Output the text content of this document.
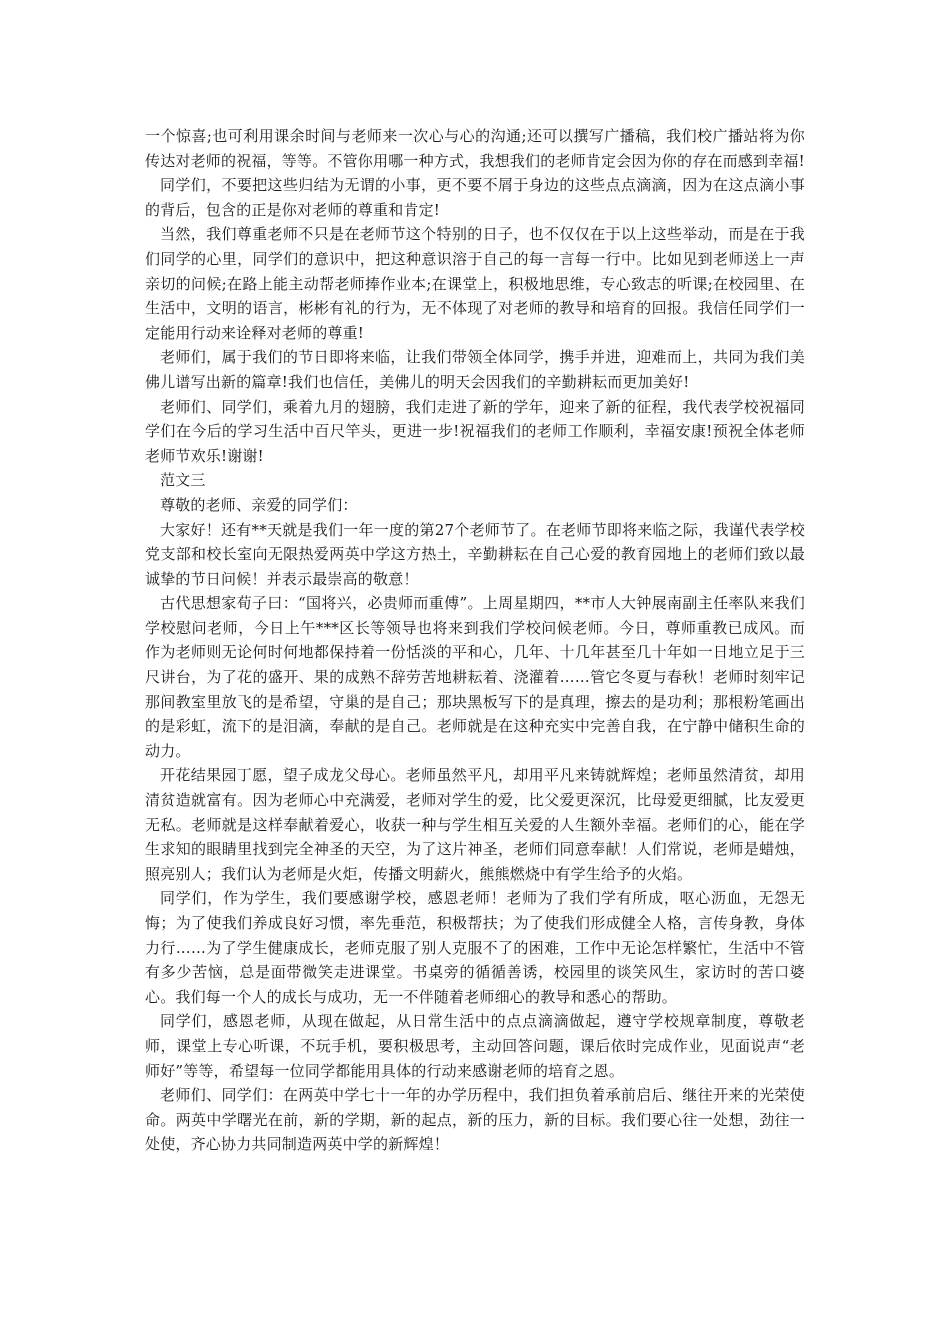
一个惊喜;也可利用课余时间与老师来一次心与心的沟通;还可以撰写广播稿，我们校广播站将为你传达对老师的祝福，等等。不管你用哪一种方式，我想我们的老师肯定会因为你的存在而感到幸福!

同学们，不要把这些归结为无谓的小事，更不要不屑于身边的这些点点滴滴，因为在这点滴小事的背后，包含的正是你对老师的尊重和肯定!

当然，我们尊重老师不只是在老师节这个特别的日子，也不仅仅在于以上这些举动，而是在于我们同学的心里，同学们的意识中，把这种意识溶于自己的每一言每一行中。比如见到老师送上一声亲切的问候;在路上能主动帮老师捧作业本;在课堂上，积极地思维，专心致志的听课;在校园里、在生活中，文明的语言，彬彬有礼的行为，无不体现了对老师的教导和培育的回报。我信任同学们一定能用行动来诠释对老师的尊重!

老师们，属于我们的节日即将来临，让我们带领全体同学，携手并进，迎难而上，共同为我们美佛儿谱写出新的篇章!我们也信任，美佛儿的明天会因我们的辛勤耕耘而更加美好!

老师们、同学们，乘着九月的翅膀，我们走进了新的学年，迎来了新的征程，我代表学校祝福同学们在今后的学习生活中百尺竿头，更进一步!祝福我们的老师工作顺利，幸福安康!预祝全体老师老师节欢乐!谢谢!

范文三

尊敬的老师、亲爱的同学们：

大家好！还有**天就是我们一年一度的第27个老师节了。在老师节即将来临之际，我谨代表学校党支部和校长室向无限热爱两英中学这方热土，辛勤耕耘在自己心爱的教育园地上的老师们致以最诚挚的节日问候！并表示最崇高的敬意！

古代思想家荀子曰：“国将兴，必贵师而重傅”。上周星期四，**市人大钟展南副主任率队来我们学校慰问老师，今日上午***区长等领导也将来到我们学校问候老师。今日，尊师重教已成风。而作为老师则无论何时何地都保持着一份恬淡的平和心，几年、十几年甚至几十年如一日地立足于三尺讲台，为了花的盛开、果的成熟不辞劳苦地耕耘着、浇灌着……管它冬夏与春秋！老师时刻牢记那间教室里放飞的是希望，守巢的是自己；那块黑板写下的是真理，擦去的是功利；那根粉笔画出的是彩虹，流下的是泪滴，奉献的是自己。老师就是在这种充实中完善自我，在宁静中储积生命的动力。

开花结果园丁愿，望子成龙父母心。老师虽然平凡，却用平凡来铸就辉煌；老师虽然清贫，却用清贫造就富有。因为老师心中充满爱，老师对学生的爱，比父爱更深沉，比母爱更细腻，比友爱更无私。老师就是这样奉献着爱心，收获一种与学生相互关爱的人生额外幸福。老师们的心，能在学生求知的眼睛里找到完全神圣的天空，为了这片神圣，老师们同意奉献！人们常说，老师是蜡烛，照亮别人；我们认为老师是火炬，传播文明薪火，熊熊燃烧中有学生给予的火焰。

同学们，作为学生，我们要感谢学校，感恩老师！老师为了我们学有所成，呕心沥血，无怨无悔；为了使我们养成良好习惯，率先垂范，积极帮扶；为了使我们形成健全人格，言传身教，身体力行……为了学生健康成长，老师克服了别人克服不了的困难，工作中无论怎样繁忙，生活中不管有多少苦恼，总是面带微笑走进课堂。书桌旁的循循善诱，校园里的谈笑风生，家访时的苦口婆心。我们每一个人的成长与成功，无一不伴随着老师细心的教导和悉心的帮助。

同学们，感恩老师，从现在做起，从日常生活中的点点滴滴做起，遵守学校规章制度，尊敬老师，课堂上专心听课，不玩手机，要积极思考，主动回答问题，课后依时完成作业，见面说声“老师好”等等，希望每一位同学都能用具体的行动来感谢老师的培育之恩。

老师们、同学们：在两英中学七十一年的办学历程中，我们担负着承前启后、继往开来的光荣使命。两英中学曙光在前，新的学期，新的起点，新的压力，新的目标。我们要心往一处想，劲往一处使，齐心协力共同制造两英中学的新辉煌！
